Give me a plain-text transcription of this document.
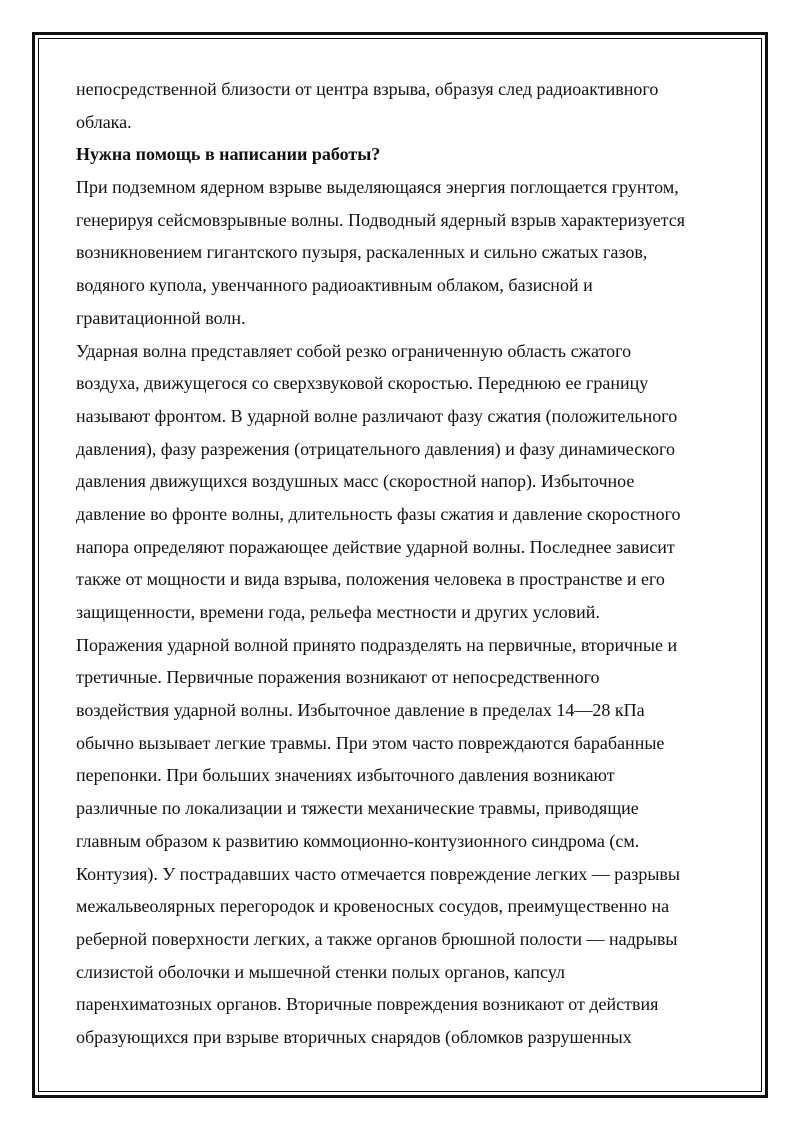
непосредственной близости от центра взрыва, образуя след радиоактивного
облака.
Нужна помощь в написании работы?
При подземном ядерном взрыве выделяющаяся энергия поглощается грунтом,
генерируя сейсмовзрывные волны. Подводный ядерный взрыв характеризуется
возникновением гигантского пузыря, раскаленных и сильно сжатых газов,
водяного купола, увенчанного радиоактивным облаком, базисной и
гравитационной волн.
Ударная волна представляет собой резко ограниченную область сжатого
воздуха, движущегося со сверхзвуковой скоростью. Переднюю ее границу
называют фронтом. В ударной волне различают фазу сжатия (положительного
давления), фазу разрежения (отрицательного давления) и фазу динамического
давления движущихся воздушных масс (скоростной напор). Избыточное
давление во фронте волны, длительность фазы сжатия и давление скоростного
напора определяют поражающее действие ударной волны. Последнее зависит
также от мощности и вида взрыва, положения человека в пространстве и его
защищенности, времени года, рельефа местности и других условий.
Поражения ударной волной принято подразделять на первичные, вторичные и
третичные. Первичные поражения возникают от непосредственного
воздействия ударной волны. Избыточное давление в пределах 14—28 кПа
обычно вызывает легкие травмы. При этом часто повреждаются барабанные
перепонки. При больших значениях избыточного давления возникают
различные по локализации и тяжести механические травмы, приводящие
главным образом к развитию коммоционно-контузионного синдрома (см.
Контузия). У пострадавших часто отмечается повреждение легких — разрывы
межальвеолярных перегородок и кровеносных сосудов, преимущественно на
реберной поверхности легких, а также органов брюшной полости — надрывы
слизистой оболочки и мышечной стенки полых органов, капсул
паренхиматозных органов. Вторичные повреждения возникают от действия
образующихся при взрыве вторичных снарядов (обломков разрушенных
